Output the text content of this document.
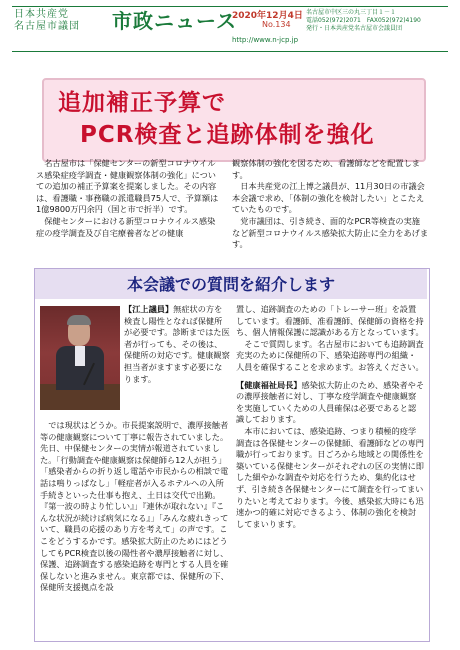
日本共産党
名古屋市議団 市政ニュース
2020年12月4日
No.134
http://www.n-jcp.jp
名古屋市中区三の丸三丁目１－１
電話052(972)2071　FAX052(972)4190
発行・日本共産党名古屋市会議員団
追加補正予算で
PCR検査と追跡体制を強化

名古屋市は「保健センターの新型コロナウイルス感染症疫学調査・健康観察体制の強化」についての追加の補正予算案を提案しました。その内容は、看護職・事務職の派遣職員75人で、予算額は1億9800万円余円（国と市で折半）です。

保健センターにおける新型コロナウイルス感染症の疫学調査及び自宅療養者などの健康

観察体制の強化を図るため、看護師などを配置します。

日本共産党の江上博之議員が、11月30日の市議会本会議で求め、「体制の強化を検討したい」とこたえていたものです。

党市議団は、引き続き、面的なPCR等検査の実施など新型コロナウイルス感染拡大防止に全力をあげます。

本会議での質問を紹介します
【江上議員】無症状の方を検査し陽性となれば保健所が必要です。診断まではた医者が行っても、その後は、保健所の対応です。健康観察担当者がますます必要になります。

では現状はどうか。市長提案説明で、濃厚接触者等の健康観察について丁寧に報告されていました。先日、中保健センターの実情が報道されていました。「行動調査や健康観察は保健師ら12人が担う」「感染者からの折り返し電話や市民からの相談で電話は鳴りっぱなし」「軽症者が入るホテルへの入所手続きといった仕事も抱え、土日は交代で出勤。『第一波の時より忙しい』」『連休が取れない』『こんな状況が続けば病気になる』」「みんな疲れきっていて、職員の応援のあり方を考えて」の声です。ここをどうするかです。感染拡大防止のためにはどうしてもPCR検査以後の陽性者や濃厚接触者に対し、保護、追跡調査する感染追跡を専門とする人員を確保しないと進みません。東京都では、保健所の下、保健所支援拠点を設

置し、追跡調査のための「トレーサー班」を設置しています。看護師、准看護師、保健師の資格を持ち、個人情報保護に認識がある方となっています。

そこで質問します。名古屋市においても追跡調査充実のために保健所の下、感染追跡専門の組織・人員を確保することを求めます。お答えください。

【健康福祉局長】感染拡大防止のため、感染者やその濃厚接触者に対し、丁寧な疫学調査や健康観察を実施していくための人員確保は必要であると認識しております。

本市においては、感染追跡、つまり積極的疫学調査は各保健センターの保健師、看護師などの専門職が行っております。日ごろから地域との関係性を築いている保健センターがそれぞれの区の実情に即した細やかな調査や対応を行うため、集約化はせず、引き続き各保健センターにて調査を行ってまいりたいと考えております。今後、感染拡大時にも迅速かつ的確に対応できるよう、体制の強化を検討してまいります。
